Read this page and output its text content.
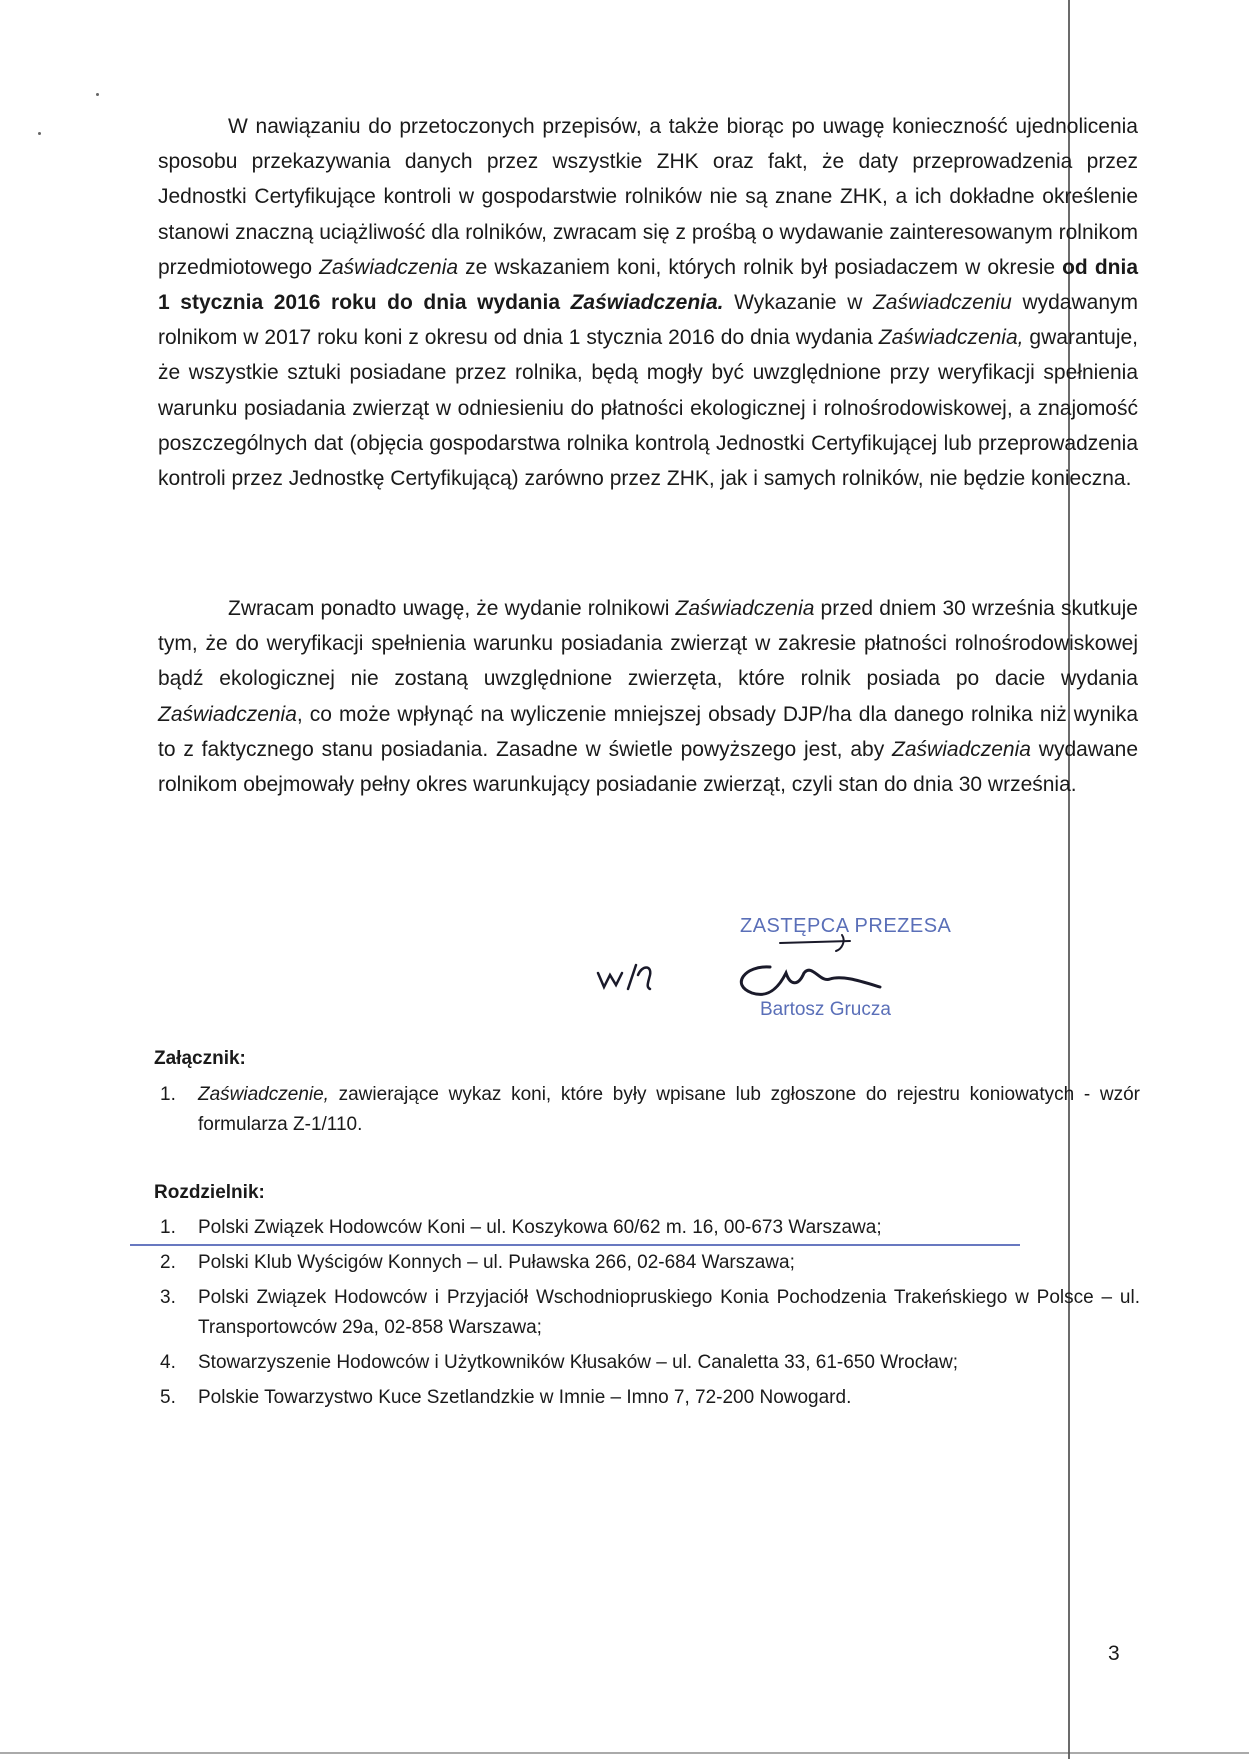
W nawiązaniu do przetoczonych przepisów, a także biorąc po uwagę konieczność ujednolicenia sposobu przekazywania danych przez wszystkie ZHK oraz fakt, że daty przeprowadzenia przez Jednostki Certyfikujące kontroli w gospodarstwie rolników nie są znane ZHK, a ich dokładne określenie stanowi znaczną uciążliwość dla rolników, zwracam się z prośbą o wydawanie zainteresowanym rolnikom przedmiotowego Zaświadczenia ze wskazaniem koni, których rolnik był posiadaczem w okresie od dnia 1 stycznia 2016 roku do dnia wydania Zaświadczenia. Wykazanie w Zaświadczeniu wydawanym rolnikom w 2017 roku koni z okresu od dnia 1 stycznia 2016 do dnia wydania Zaświadczenia, gwarantuje, że wszystkie sztuki posiadane przez rolnika, będą mogły być uwzględnione przy weryfikacji spełnienia warunku posiadania zwierząt w odniesieniu do płatności ekologicznej i rolnośrodowiskowej, a znajomość poszczególnych dat (objęcia gospodarstwa rolnika kontrolą Jednostki Certyfikującej lub przeprowadzenia kontroli przez Jednostkę Certyfikującą) zarówno przez ZHK, jak i samych rolników, nie będzie konieczna.

Zwracam ponadto uwagę, że wydanie rolnikowi Zaświadczenia przed dniem 30 września skutkuje tym, że do weryfikacji spełnienia warunku posiadania zwierząt w zakresie płatności rolnośrodowiskowej bądź ekologicznej nie zostaną uwzględnione zwierzęta, które rolnik posiada po dacie wydania Zaświadczenia, co może wpłynąć na wyliczenie mniejszej obsady DJP/ha dla danego rolnika niż wynika to z faktycznego stanu posiadania. Zasadne w świetle powyższego jest, aby Zaświadczenia wydawane rolnikom obejmowały pełny okres warunkujący posiadanie zwierząt, czyli stan do dnia 30 września.

ZASTĘPCA PREZESA
Bartosz Grucza
Załącznik:
1. Zaświadczenie, zawierające wykaz koni, które były wpisane lub zgłoszone do rejestru koniowatych - wzór formularza Z-1/110.
Rozdzielnik:
1. Polski Związek Hodowców Koni – ul. Koszykowa 60/62 m. 16, 00-673 Warszawa;
2. Polski Klub Wyścigów Konnych – ul. Puławska 266, 02-684 Warszawa;
3. Polski Związek Hodowców i Przyjaciół Wschodniopruskiego Konia Pochodzenia Trakeńskiego w Polsce – ul. Transportowców 29a, 02-858 Warszawa;
4. Stowarzyszenie Hodowców i Użytkowników Kłusaków – ul. Canaletta 33, 61-650 Wrocław;
5. Polskie Towarzystwo Kuce Szetlandzkie w Imnie – Imno 7, 72-200 Nowogard.
3
